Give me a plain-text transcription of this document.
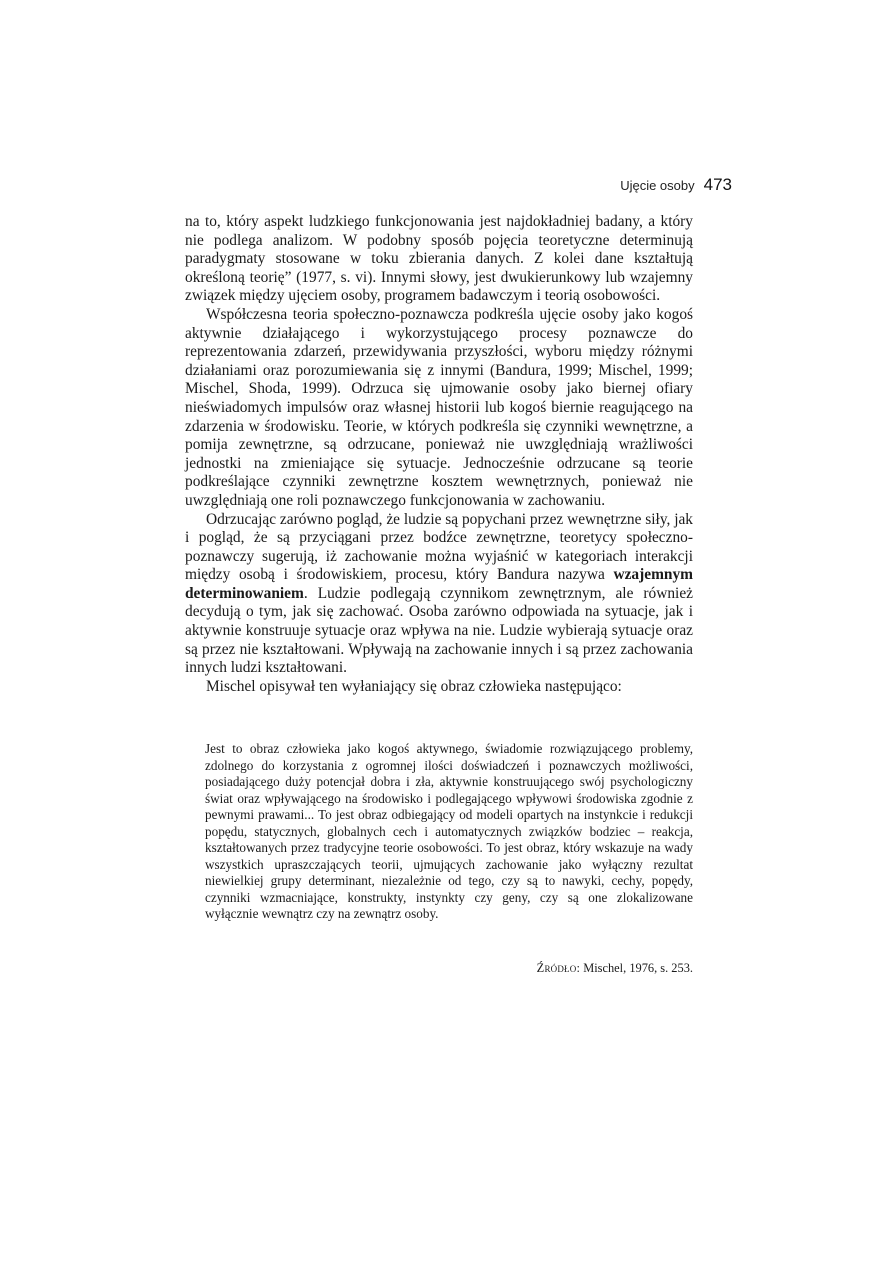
Ujęcie osoby 473

na to, który aspekt ludzkiego funkcjonowania jest najdokładniej badany, a który nie podlega analizom. W podobny sposób pojęcia teoretyczne determinują paradygmaty stosowane w toku zbierania danych. Z kolei dane kształtują określoną teorię” (1977, s. vi). Innymi słowy, jest dwukierunkowy lub wzajemny związek między ujęciem osoby, programem badawczym i teorią osobowości.

Współczesna teoria społeczno-poznawcza podkreśla ujęcie osoby jako kogoś aktywnie działającego i wykorzystującego procesy poznawcze do reprezentowania zdarzeń, przewidywania przyszłości, wyboru między różnymi działaniami oraz porozumiewania się z innymi (Bandura, 1999; Mischel, 1999; Mischel, Shoda, 1999). Odrzuca się ujmowanie osoby jako biernej ofiary nieświadomych impulsów oraz własnej historii lub kogoś biernie reagującego na zdarzenia w środowisku. Teorie, w których podkreśla się czynniki wewnętrzne, a pomija zewnętrzne, są odrzucane, ponieważ nie uwzględniają wrażliwości jednostki na zmieniające się sytuacje. Jednocześnie odrzucane są teorie podkreślające czynniki zewnętrzne kosztem wewnętrznych, ponieważ nie uwzględniają one roli poznawczego funkcjonowania w zachowaniu.

Odrzucając zarówno pogląd, że ludzie są popychani przez wewnętrzne siły, jak i pogląd, że są przyciągani przez bodźce zewnętrzne, teoretycy społeczno-poznawczy sugerują, iż zachowanie można wyjaśnić w kategoriach interakcji między osobą i środowiskiem, procesu, który Bandura nazywa wzajemnym determinowaniem. Ludzie podlegają czynnikom zewnętrznym, ale również decydują o tym, jak się zachować. Osoba zarówno odpowiada na sytuacje, jak i aktywnie konstruuje sytuacje oraz wpływa na nie. Ludzie wybierają sytuacje oraz są przez nie kształtowani. Wpływają na zachowanie innych i są przez zachowania innych ludzi kształtowani.

Mischel opisywał ten wyłaniający się obraz człowieka następująco:

Jest to obraz człowieka jako kogoś aktywnego, świadomie rozwiązującego problemy, zdolnego do korzystania z ogromnej ilości doświadczeń i poznawczych możliwości, posiadającego duży potencjał dobra i zła, aktywnie konstruującego swój psychologiczny świat oraz wpływającego na środowisko i podlegającego wpływowi środowiska zgodnie z pewnymi prawami... To jest obraz odbiegający od modeli opartych na instynkcie i redukcji popędu, statycznych, globalnych cech i automatycznych związków bodziec – reakcja, kształtowanych przez tradycyjne teorie osobowości. To jest obraz, który wskazuje na wady wszystkich upraszczających teorii, ujmujących zachowanie jako wyłączny rezultat niewielkiej grupy determinant, niezależnie od tego, czy są to nawyki, cechy, popędy, czynniki wzmacniające, konstrukty, instynkty czy geny, czy są one zlokalizowane wyłącznie wewnątrz czy na zewnątrz osoby.

Źródło: Mischel, 1976, s. 253.
